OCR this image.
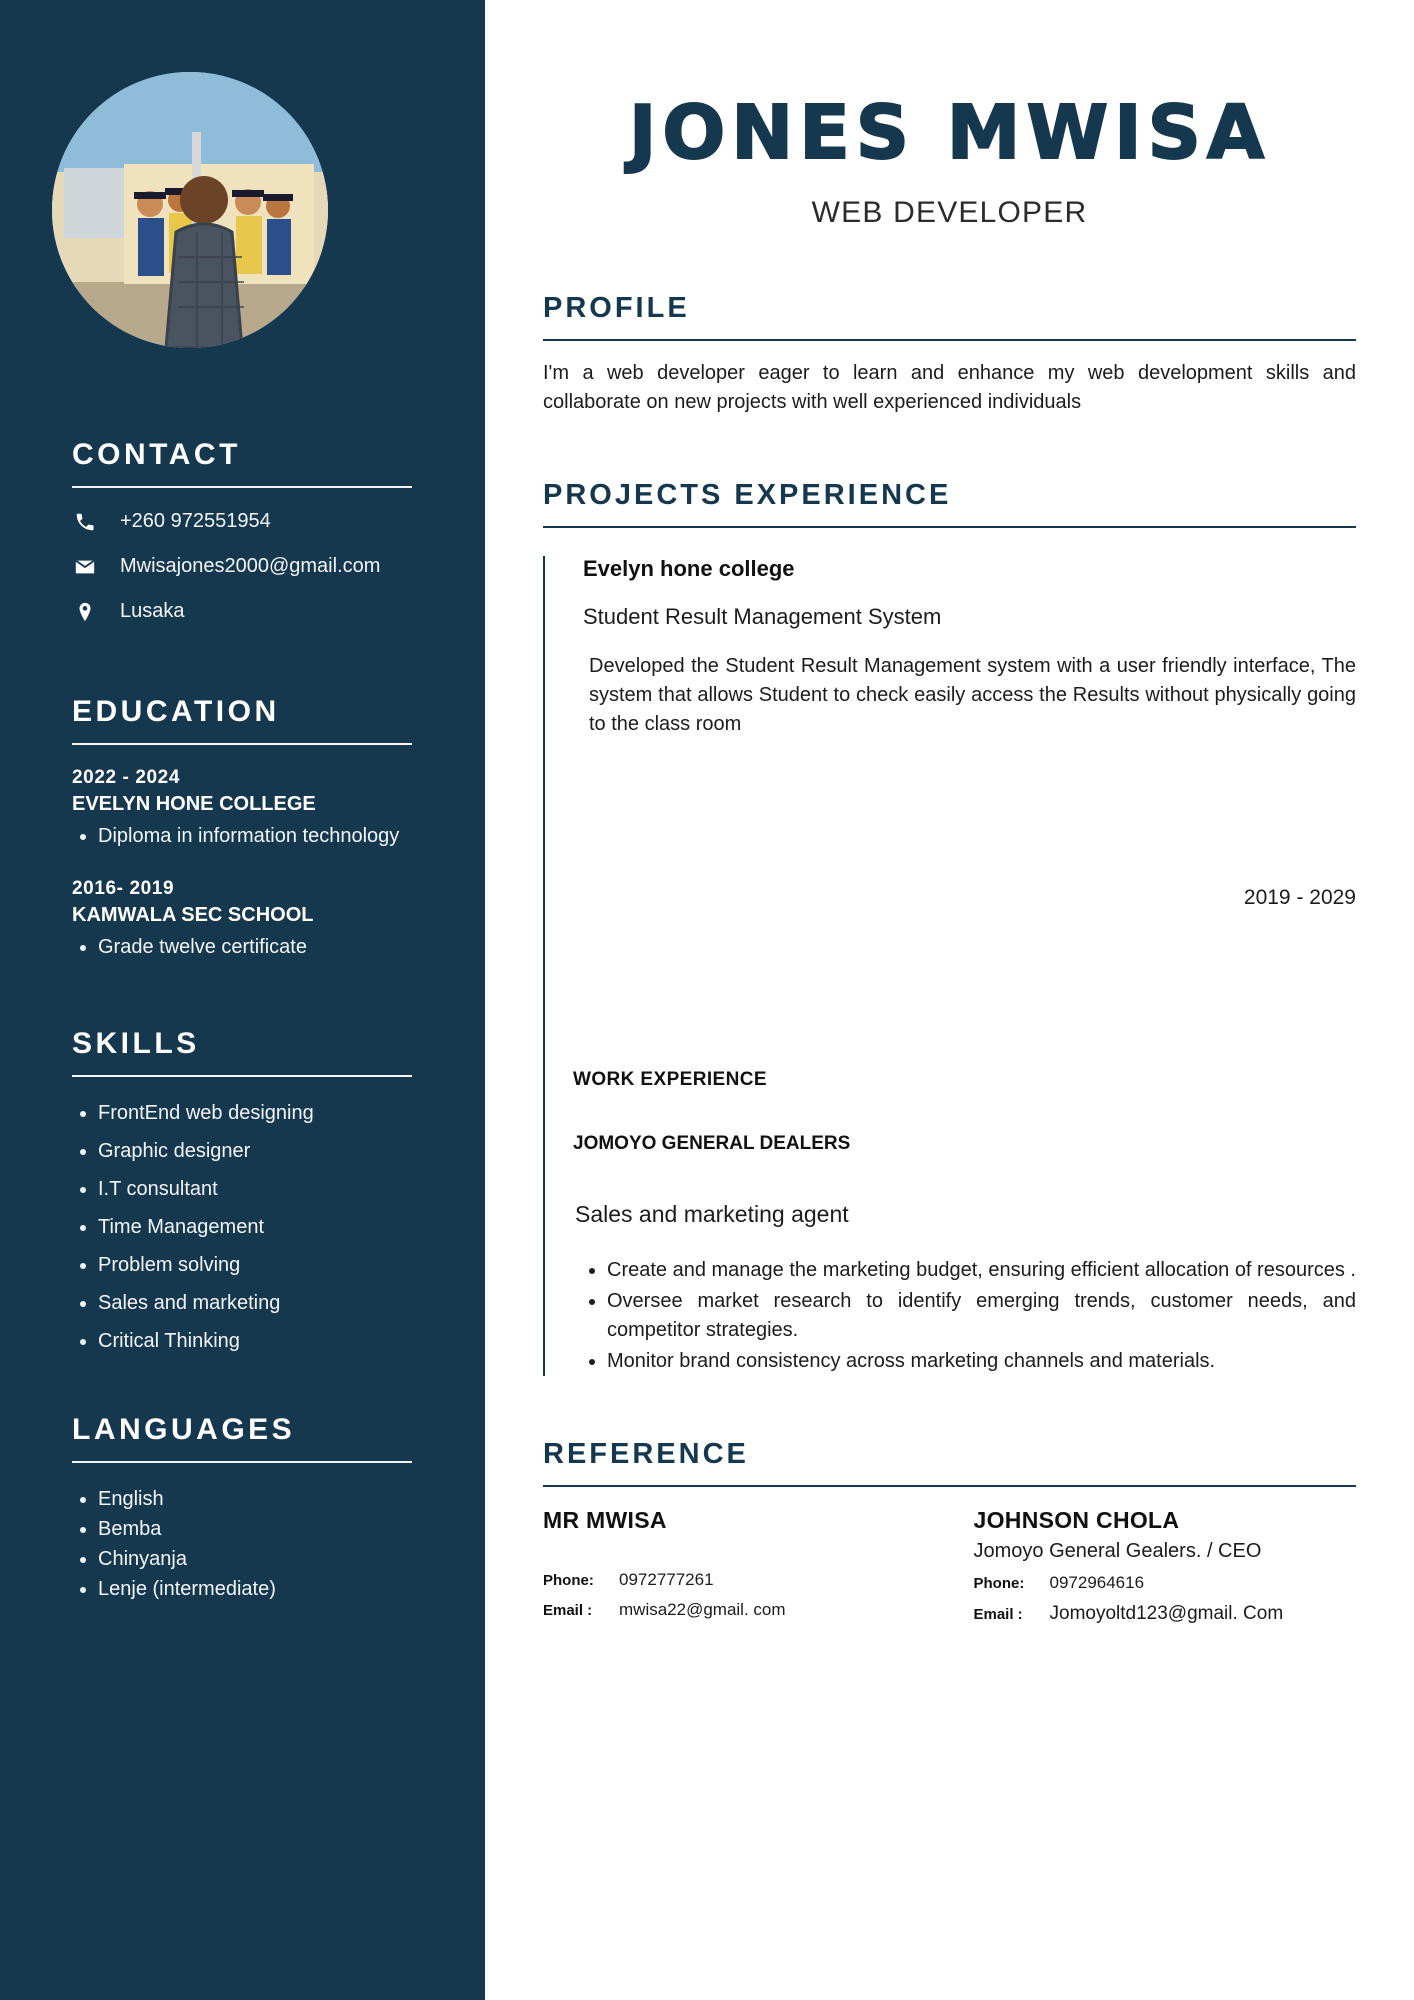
CONTACT
+260 972551954
Mwisajones2000@gmail.com
Lusaka
EDUCATION
2022 - 2024
EVELYN HONE COLLEGE
• Diploma in information technology
2016- 2019
KAMWALA SEC SCHOOL
• Grade twelve certificate
SKILLS
• FrontEnd web designing
• Graphic designer
• I.T consultant
• Time Management
• Problem solving
• Sales and marketing
• Critical Thinking
LANGUAGES
• English
• Bemba
• Chinyanja
• Lenje (intermediate)
JONES MWISA
WEB DEVELOPER
PROFILE

I'm a web developer eager to learn and enhance my web development skills and collaborate on new projects with well experienced individuals

PROJECTS EXPERIENCE
Evelyn hone college
Student Result Management System

Developed the Student Result Management system with a user friendly interface, The system that allows Student to check easily access the Results without physically going to the class room

2019 - 2029
WORK EXPERIENCE
JOMOYO GENERAL DEALERS
Sales and marketing agent
• Create and manage the marketing budget, ensuring efficient allocation of resources .
• Oversee market research to identify emerging trends, customer needs, and competitor strategies.
• Monitor brand consistency across marketing channels and materials.
REFERENCE
MR MWISA
Phone:	0972777261
Email :	mwisa22@gmail. com
JOHNSON CHOLA
Jomoyo General Gealers. / CEO
Phone:	0972964616
Email :	Jomoyoltd123@gmail. Com
